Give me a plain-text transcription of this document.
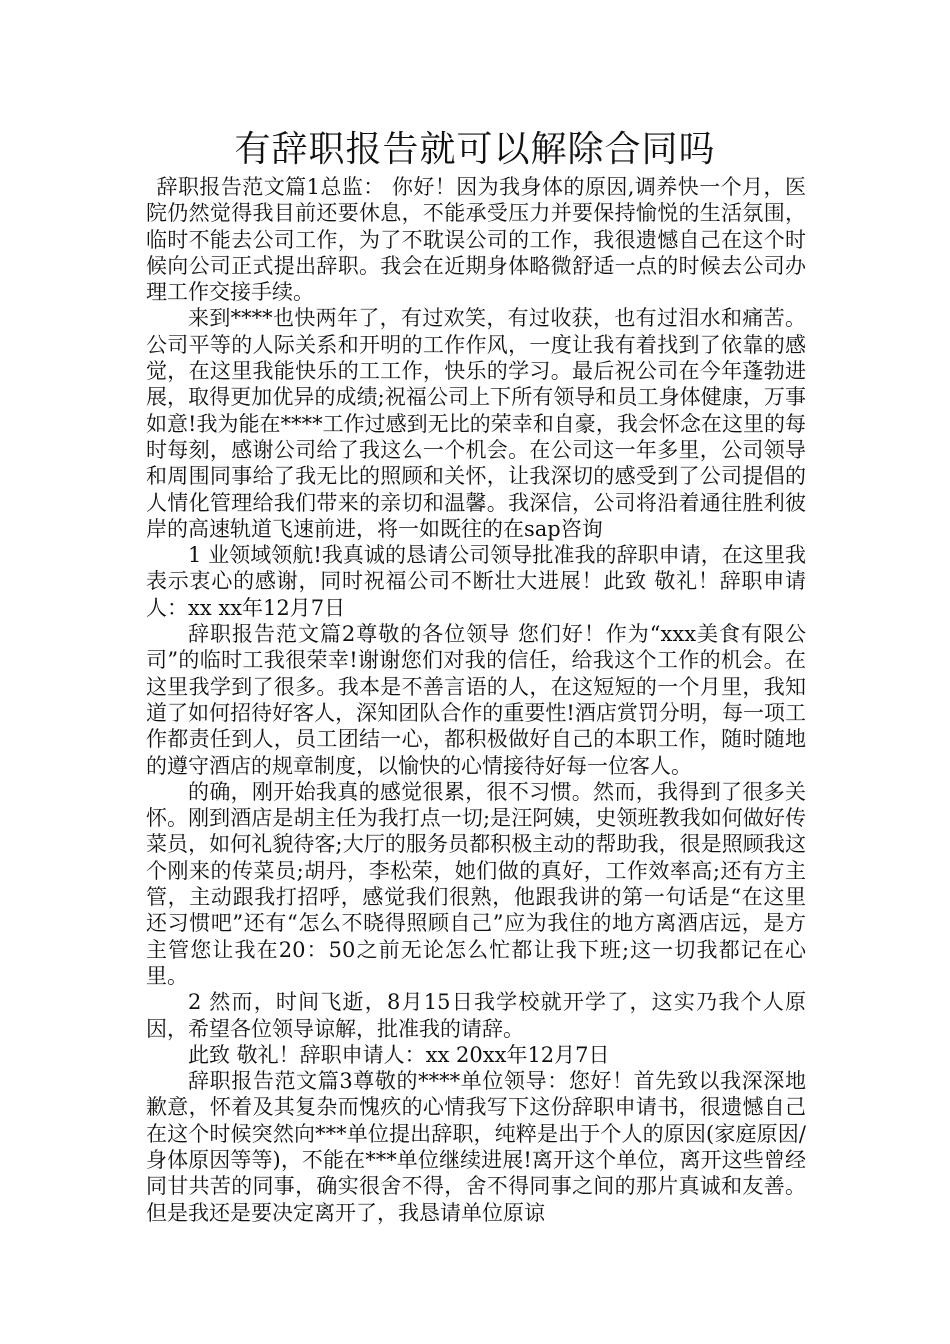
有辞职报告就可以解除合同吗

辞职报告范文篇1总监： 你好！因为我身体的原因,调养快一个月，医院仍然觉得我目前还要休息，不能承受压力并要保持愉悦的生活氛围，临时不能去公司工作，为了不耽误公司的工作，我很遗憾自己在这个时候向公司正式提出辞职。我会在近期身体略微舒适一点的时候去公司办理工作交接手续。

来到****也快两年了，有过欢笑，有过收获，也有过泪水和痛苦。公司平等的人际关系和开明的工作作风，一度让我有着找到了依靠的感觉，在这里我能快乐的工工作，快乐的学习。最后祝公司在今年蓬勃进展，取得更加优异的成绩;祝福公司上下所有领导和员工身体健康，万事如意!我为能在****工作过感到无比的荣幸和自豪，我会怀念在这里的每时每刻，感谢公司给了我这么一个机会。在公司这一年多里，公司领导和周围同事给了我无比的照顾和关怀，让我深切的感受到了公司提倡的人情化管理给我们带来的亲切和温馨。我深信，公司将沿着通往胜利彼岸的高速轨道飞速前进，将一如既往的在sap咨询

1 业领域领航!我真诚的恳请公司领导批准我的辞职申请，在这里我表示衷心的感谢，同时祝福公司不断壮大进展！此致 敬礼！辞职申请人：xx xx年12月7日

辞职报告范文篇2尊敬的各位领导 您们好！作为“xxx美食有限公司”的临时工我很荣幸!谢谢您们对我的信任，给我这个工作的机会。在这里我学到了很多。我本是不善言语的人，在这短短的一个月里，我知道了如何招待好客人，深知团队合作的重要性!酒店赏罚分明，每一项工作都责任到人，员工团结一心，都积极做好自己的本职工作，随时随地的遵守酒店的规章制度，以愉快的心情接待好每一位客人。

的确，刚开始我真的感觉很累，很不习惯。然而，我得到了很多关怀。刚到酒店是胡主任为我打点一切;是汪阿姨，史领班教我如何做好传菜员，如何礼貌待客;大厅的服务员都积极主动的帮助我，很是照顾我这个刚来的传菜员;胡丹，李松荣，她们做的真好，工作效率高;还有方主管，主动跟我打招呼，感觉我们很熟，他跟我讲的第一句话是“在这里还习惯吧”还有“怎么不晓得照顾自己”应为我住的地方离酒店远，是方主管您让我在20：50之前无论怎么忙都让我下班;这一切我都记在心里。

2 然而，时间飞逝，8月15日我学校就开学了，这实乃我个人原因，希望各位领导谅解，批准我的请辞。

此致 敬礼！辞职申请人：xx 20xx年12月7日

辞职报告范文篇3尊敬的****单位领导：您好！首先致以我深深地歉意，怀着及其复杂而愧疚的心情我写下这份辞职申请书，很遗憾自己在这个时候突然向***单位提出辞职，纯粹是出于个人的原因(家庭原因/身体原因等等)，不能在***单位继续进展!离开这个单位，离开这些曾经同甘共苦的同事，确实很舍不得，舍不得同事之间的那片真诚和友善。 但是我还是要决定离开了，我恳请单位原谅
